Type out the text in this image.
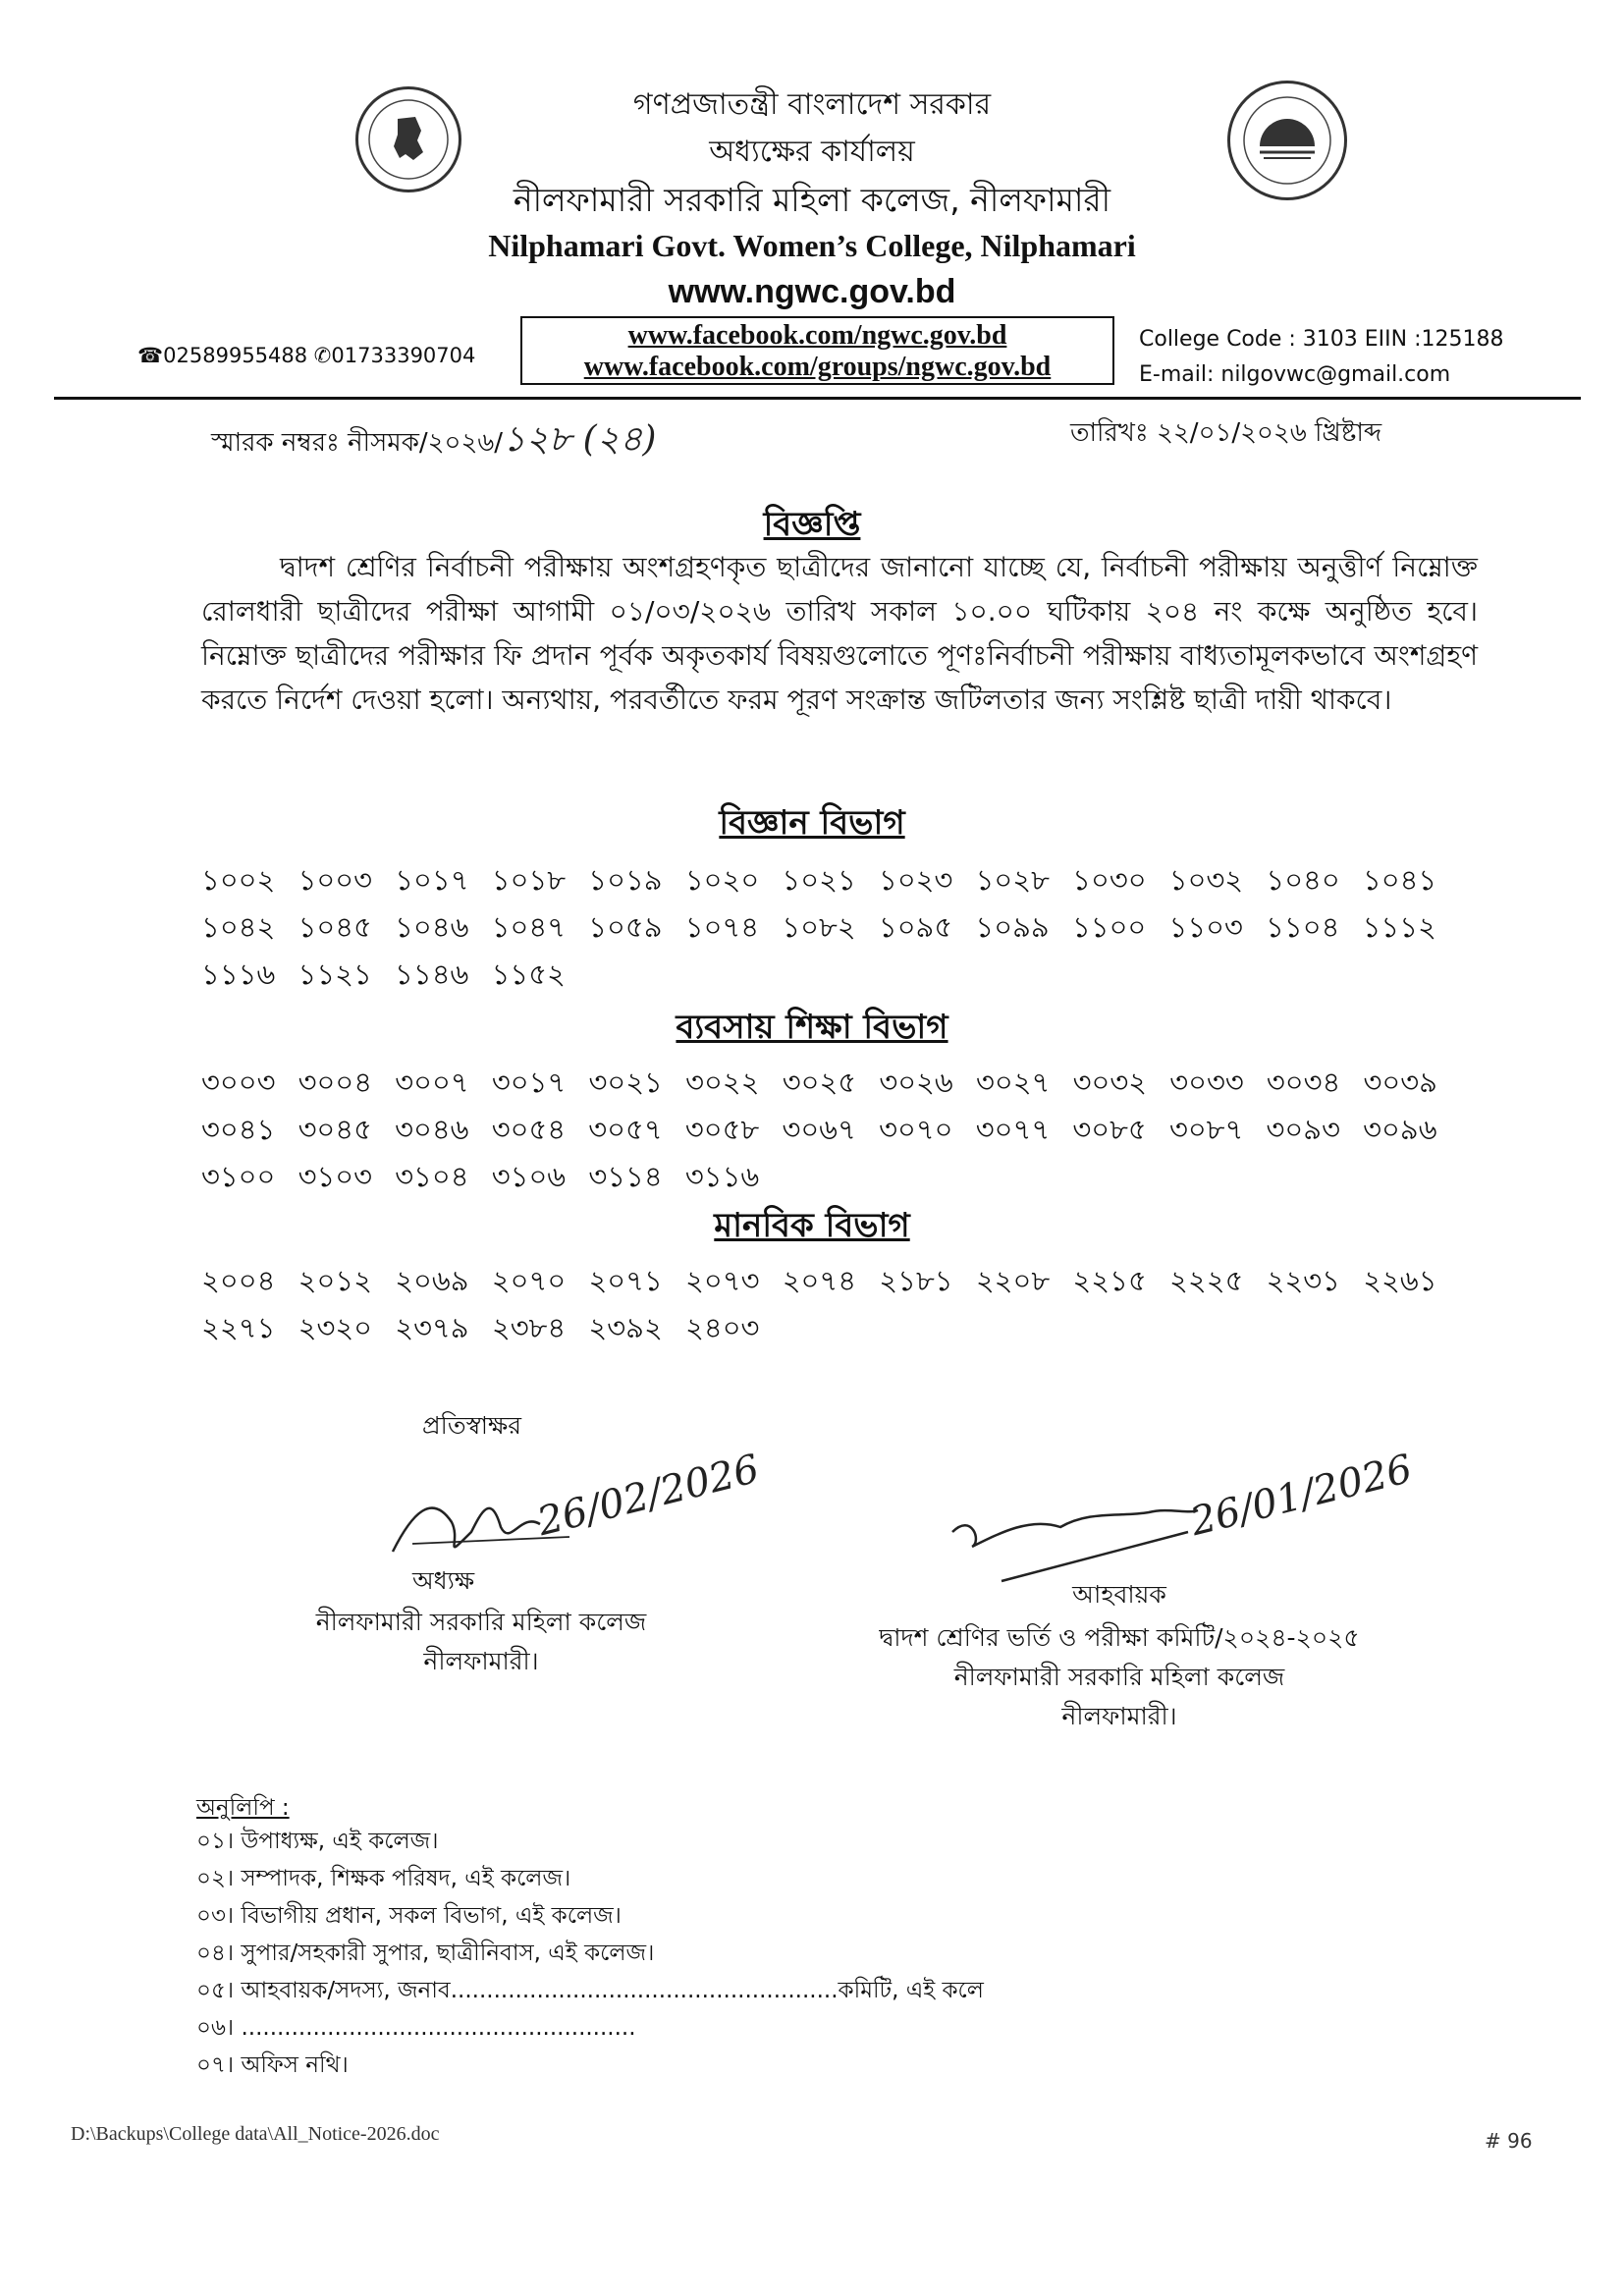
গণপ্রজাতন্ত্রী বাংলাদেশ সরকার
অধ্যক্ষের কার্যালয়
নীলফামারী সরকারি মহিলা কলেজ, নীলফামারী
Nilphamari Govt. Women’s College, Nilphamari
www.ngwc.gov.bd
☎02589955488 ✆01733390704
www.facebook.com/ngwc.gov.bd
www.facebook.com/groups/ngwc.gov.bd
College Code : 3103 EIIN :125188
E-mail: nilgovwc@gmail.com
স্মারক নম্বরঃ নীসমক/২০২৬/১২৮ (২৪)	তারিখঃ ২২/০১/২০২৬ খ্রিষ্টাব্দ
বিজ্ঞপ্তি
দ্বাদশ শ্রেণির নির্বাচনী পরীক্ষায় অংশগ্রহণকৃত ছাত্রীদের জানানো যাচ্ছে যে, নির্বাচনী পরীক্ষায় অনুত্তীর্ণ নিম্নোক্ত রোলধারী ছাত্রীদের পরীক্ষা আগামী ০১/০৩/২০২৬ তারিখ সকাল ১০.০০ ঘটিকায় ২০৪ নং কক্ষে অনুষ্ঠিত হবে। নিম্নোক্ত ছাত্রীদের পরীক্ষার ফি প্রদান পূর্বক অকৃতকার্য বিষয়গুলোতে পূণঃনির্বাচনী পরীক্ষায় বাধ্যতামূলকভাবে অংশগ্রহণ করতে নির্দেশ দেওয়া হলো। অন্যথায়, পরবর্তীতে ফরম পূরণ সংক্রান্ত জটিলতার জন্য সংশ্লিষ্ট ছাত্রী দায়ী থাকবে।
বিজ্ঞান বিভাগ
১০০২ ১০০৩ ১০১৭ ১০১৮ ১০১৯ ১০২০ ১০২১ ১০২৩ ১০২৮ ১০৩০ ১০৩২ ১০৪০ ১০৪১ ১০৪২ ১০৪৫ ১০৪৬ ১০৪৭ ১০৫৯ ১০৭৪ ১০৮২ ১০৯৫ ১০৯৯ ১১০০ ১১০৩ ১১০৪ ১১১২ ১১১৬ ১১২১ ১১৪৬ ১১৫২
ব্যবসায় শিক্ষা বিভাগ
৩০০৩ ৩০০৪ ৩০০৭ ৩০১৭ ৩০২১ ৩০২২ ৩০২৫ ৩০২৬ ৩০২৭ ৩০৩২ ৩০৩৩ ৩০৩৪ ৩০৩৯ ৩০৪১ ৩০৪৫ ৩০৪৬ ৩০৫৪ ৩০৫৭ ৩০৫৮ ৩০৬৭ ৩০৭০ ৩০৭৭ ৩০৮৫ ৩০৮৭ ৩০৯৩ ৩০৯৬ ৩১০০ ৩১০৩ ৩১০৪ ৩১০৬ ৩১১৪ ৩১১৬
মানবিক বিভাগ
২০০৪ ২০১২ ২০৬৯ ২০৭০ ২০৭১ ২০৭৩ ২০৭৪ ২১৮১ ২২০৮ ২২১৫ ২২২৫ ২২৩১ ২২৬১ ২২৭১ ২৩২০ ২৩৭৯ ২৩৮৪ ২৩৯২ ২৪০৩
প্রতিস্বাক্ষর
26/02/2026	26/01/2026
অধ্যক্ষ
নীলফামারী সরকারি মহিলা কলেজ
নীলফামারী।
আহবায়ক
দ্বাদশ শ্রেণির ভর্তি ও পরীক্ষা কমিটি/২০২৪-২০২৫
নীলফামারী সরকারি মহিলা কলেজ
নীলফামারী।
অনুলিপি :
০১। উপাধ্যক্ষ, এই কলেজ।
০২। সম্পাদক, শিক্ষক পরিষদ, এই কলেজ।
০৩। বিভাগীয় প্রধান, সকল বিভাগ, এই কলেজ।
০৪। সুপার/সহকারী সুপার, ছাত্রীনিবাস, এই কলেজ।
০৫। আহবায়ক/সদস্য, জনাব......................................................কমিটি, এই কলে
০৬। .......................................................
০৭। অফিস নথি।
D:\Backups\College data\All_Notice-2026.doc	# 96
